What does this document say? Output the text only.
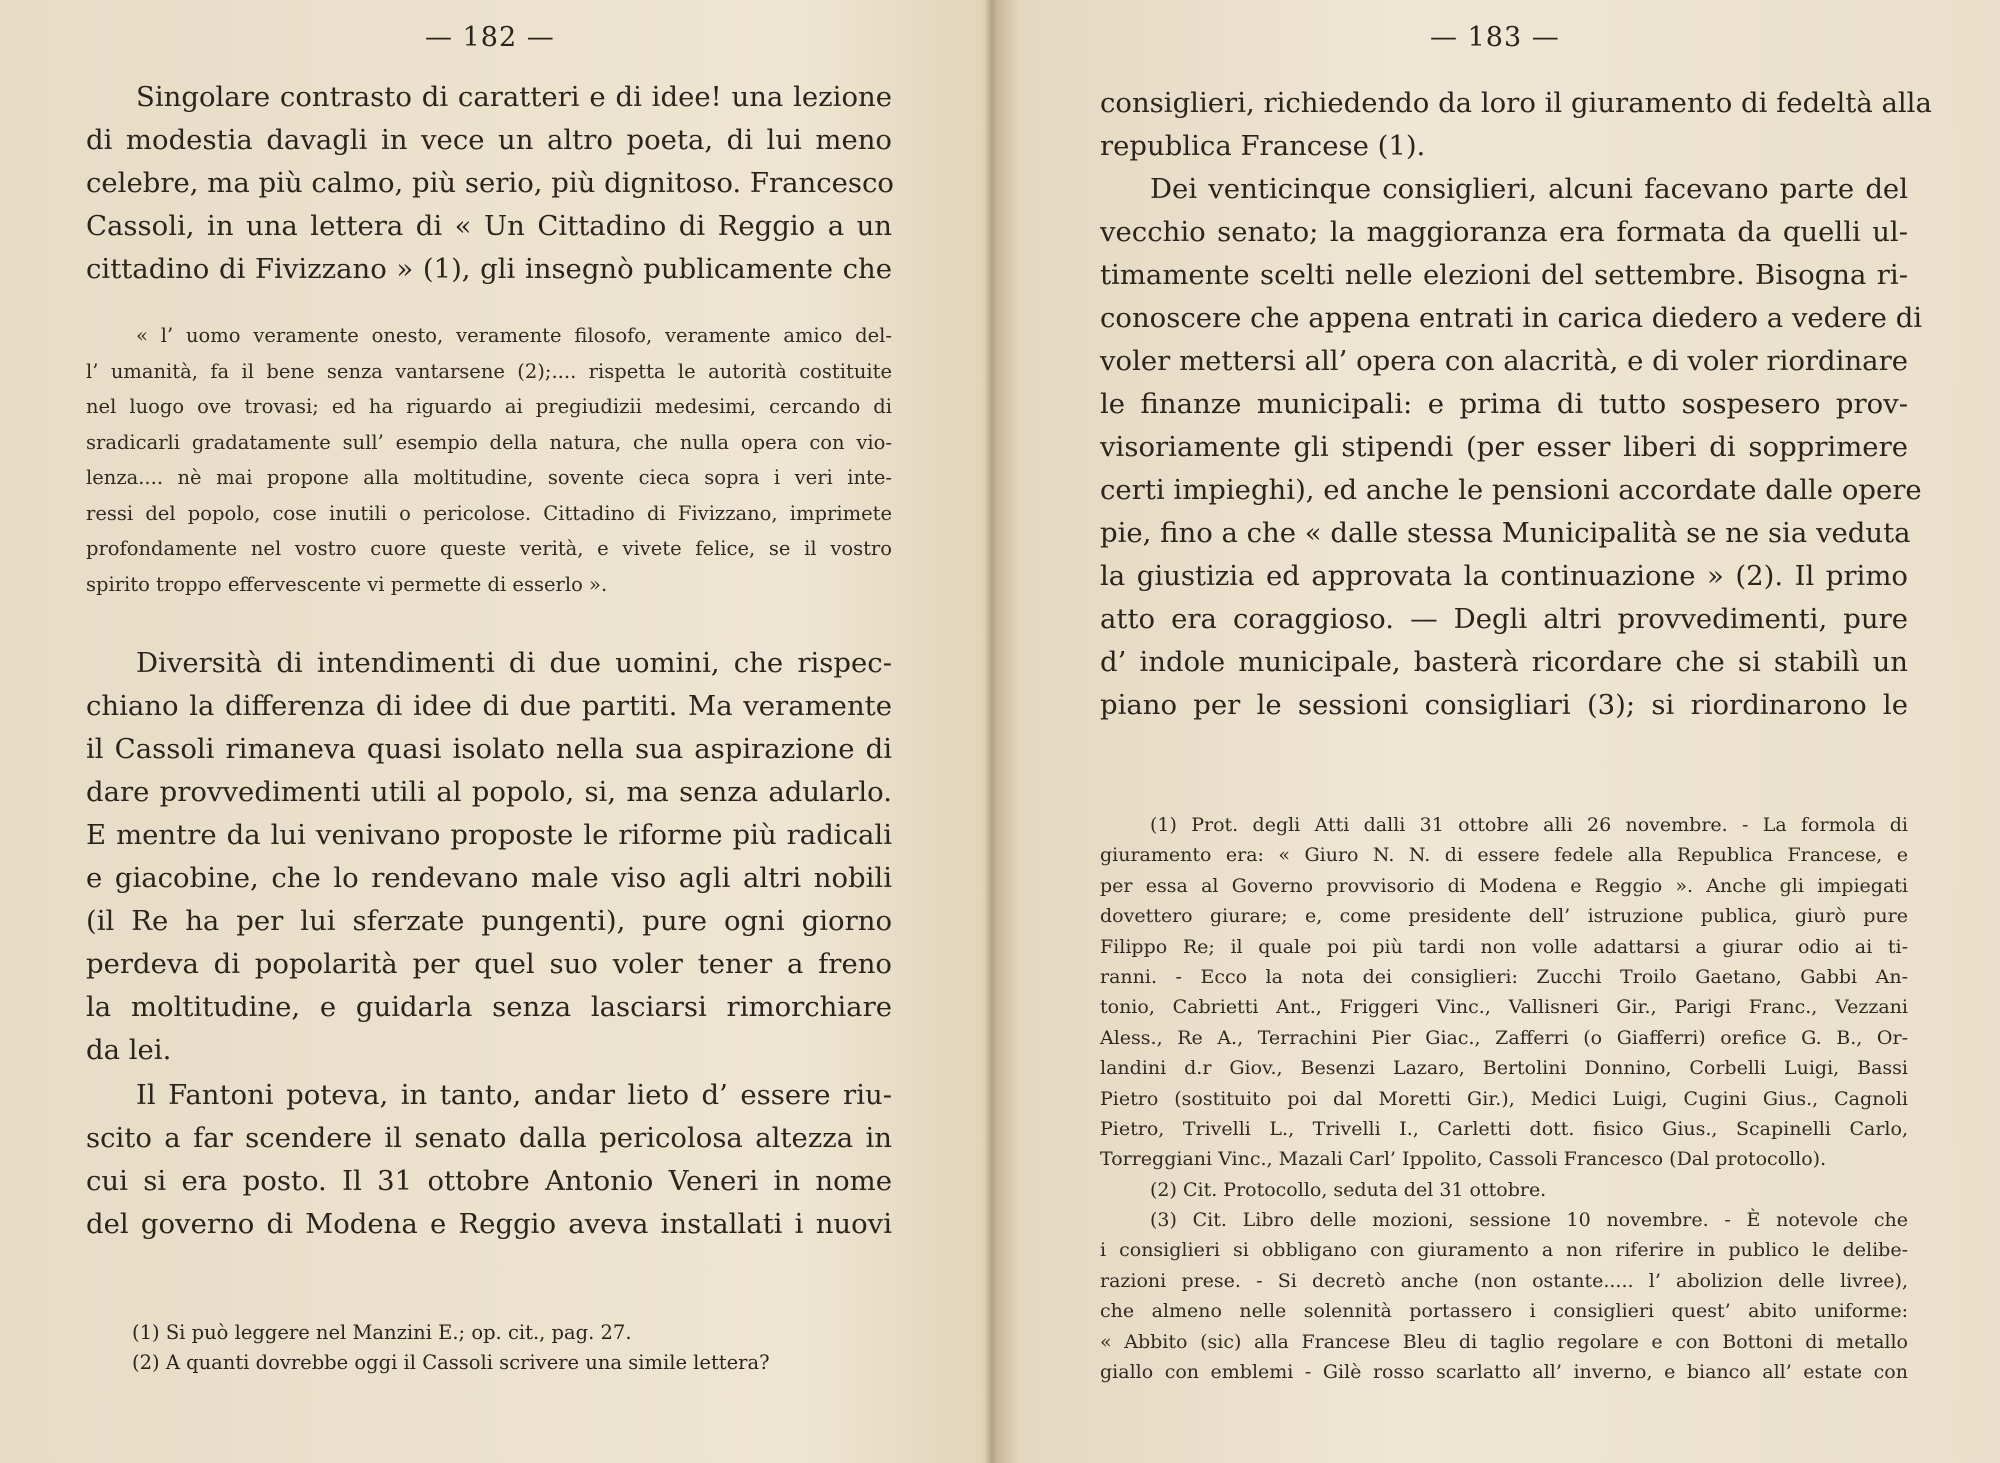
— 182 —
Singolare contrasto di caratteri e di idee! una lezione
di modestia davagli in vece un altro poeta, di lui meno
celebre, ma più calmo, più serio, più dignitoso. Francesco
Cassoli, in una lettera di « Un Cittadino di Reggio a un
cittadino di Fivizzano » (1), gli insegnò publicamente che
« l’ uomo veramente onesto, veramente filosofo, veramente amico del-
l’ umanità, fa il bene senza vantarsene (2);.... rispetta le autorità costituite
nel luogo ove trovasi; ed ha riguardo ai pregiudizii medesimi, cercando di
sradicarli gradatamente sull’ esempio della natura, che nulla opera con vio-
lenza.... nè mai propone alla moltitudine, sovente cieca sopra i veri inte-
ressi del popolo, cose inutili o pericolose. Cittadino di Fivizzano, imprimete
profondamente nel vostro cuore queste verità, e vivete felice, se il vostro
spirito troppo effervescente vi permette di esserlo ».
Diversità di intendimenti di due uomini, che rispec-
chiano la differenza di idee di due partiti. Ma veramente
il Cassoli rimaneva quasi isolato nella sua aspirazione di
dare provvedimenti utili al popolo, si, ma senza adularlo.
E mentre da lui venivano proposte le riforme più radicali
e giacobine, che lo rendevano male viso agli altri nobili
(il Re ha per lui sferzate pungenti), pure ogni giorno
perdeva di popolarità per quel suo voler tener a freno
la moltitudine, e guidarla senza lasciarsi rimorchiare
da lei.
Il Fantoni poteva, in tanto, andar lieto d’ essere riu-
scito a far scendere il senato dalla pericolosa altezza in
cui si era posto. Il 31 ottobre Antonio Veneri in nome
del governo di Modena e Reggio aveva installati i nuovi
(1) Si può leggere nel Manzini E.; op. cit., pag. 27.
(2) A quanti dovrebbe oggi il Cassoli scrivere una simile lettera?
— 183 —
consiglieri, richiedendo da loro il giuramento di fedeltà alla
republica Francese (1).
Dei venticinque consiglieri, alcuni facevano parte del
vecchio senato; la maggioranza era formata da quelli ul-
timamente scelti nelle elezioni del settembre. Bisogna ri-
conoscere che appena entrati in carica diedero a vedere di
voler mettersi all’ opera con alacrità, e di voler riordinare
le finanze municipali: e prima di tutto sospesero prov-
visoriamente gli stipendi (per esser liberi di sopprimere
certi impieghi), ed anche le pensioni accordate dalle opere
pie, fino a che « dalle stessa Municipalità se ne sia veduta
la giustizia ed approvata la continuazione » (2). Il primo
atto era coraggioso. — Degli altri provvedimenti, pure
d’ indole municipale, basterà ricordare che si stabilì un
piano per le sessioni consigliari (3); si riordinarono le
(1) Prot. degli Atti dalli 31 ottobre alli 26 novembre. - La formola di
giuramento era: « Giuro N. N. di essere fedele alla Republica Francese, e
per essa al Governo provvisorio di Modena e Reggio ». Anche gli impiegati
dovettero giurare; e, come presidente dell’ istruzione publica, giurò pure
Filippo Re; il quale poi più tardi non volle adattarsi a giurar odio ai ti-
ranni. - Ecco la nota dei consiglieri: Zucchi Troilo Gaetano, Gabbi An-
tonio, Cabrietti Ant., Friggeri Vinc., Vallisneri Gir., Parigi Franc., Vezzani
Aless., Re A., Terrachini Pier Giac., Zafferri (o Giafferri) orefice G. B., Or-
landini d.r Giov., Besenzi Lazaro, Bertolini Donnino, Corbelli Luigi, Bassi
Pietro (sostituito poi dal Moretti Gir.), Medici Luigi, Cugini Gius., Cagnoli
Pietro, Trivelli L., Trivelli I., Carletti dott. fisico Gius., Scapinelli Carlo,
Torreggiani Vinc., Mazali Carl’ Ippolito, Cassoli Francesco (Dal protocollo).
(2) Cit. Protocollo, seduta del 31 ottobre.
(3) Cit. Libro delle mozioni, sessione 10 novembre. - È notevole che
i consiglieri si obbligano con giuramento a non riferire in publico le delibe-
razioni prese. - Si decretò anche (non ostante..... l’ abolizion delle livree),
che almeno nelle solennità portassero i consiglieri quest’ abito uniforme:
« Abbito (sic) alla Francese Bleu di taglio regolare e con Bottoni di metallo
giallo con emblemi - Gilè rosso scarlatto all’ inverno, e bianco all’ estate con
